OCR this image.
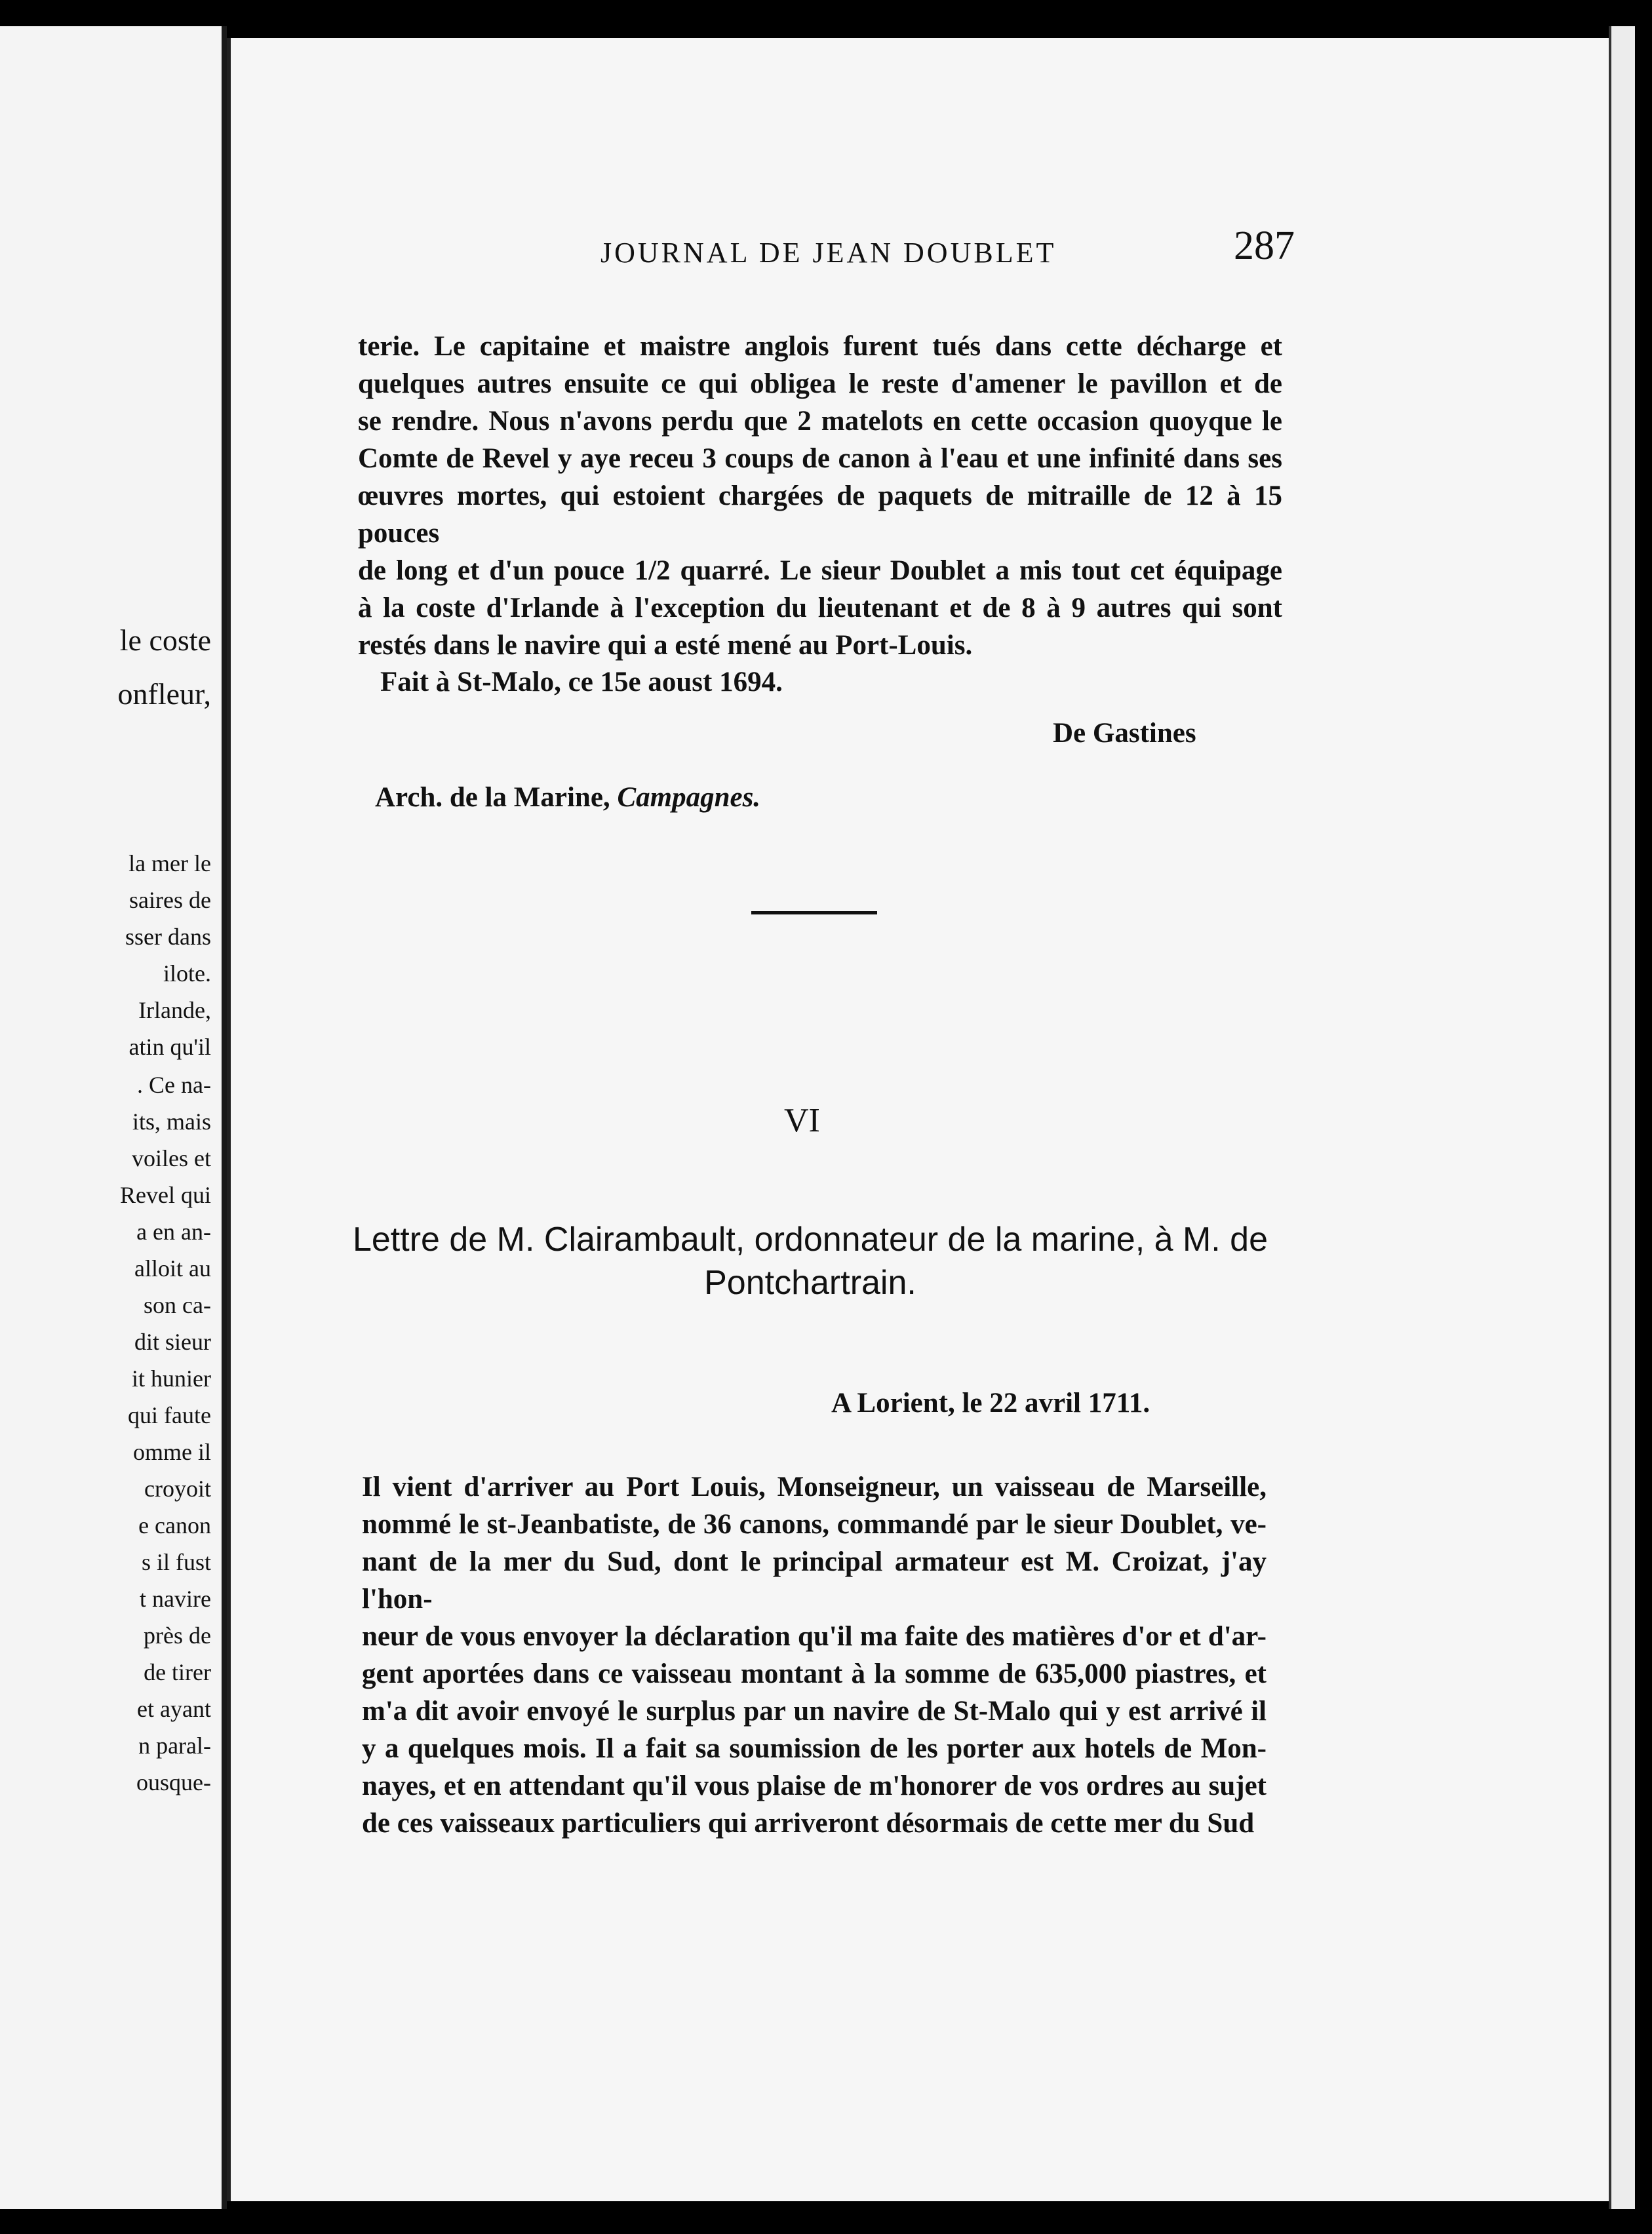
le coste
onfleur,
la mer le
saires de
sser dans
ilote.
Irlande,
atin qu'il
. Ce na-
its, mais
voiles et
Revel qui
a en an-
alloit au
son ca-
dit sieur
it hunier
qui faute
omme il
croyoit
e canon
s il fust
t navire
près de
de tirer
et ayant
n paral-
ousque-
JOURNAL DE JEAN DOUBLET	287

terie. Le capitaine et maistre anglois furent tués dans cette décharge et
quelques autres ensuite ce qui obligea le reste d'amener le pavillon et de
se rendre. Nous n'avons perdu que 2 matelots en cette occasion quoyque le
Comte de Revel y aye receu 3 coups de canon à l'eau et une infinité dans ses
œuvres mortes, qui estoient chargées de paquets de mitraille de 12 à 15 pouces
de long et d'un pouce 1/2 quarré. Le sieur Doublet a mis tout cet équipage
à la coste d'Irlande à l'exception du lieutenant et de 8 à 9 autres qui sont
restés dans le navire qui a esté mené au Port-Louis.

Fait à St-Malo, ce 15e aoust 1694.
De Gastines
Arch. de la Marine, Campagnes.
VI
Lettre de M. Clairambault, ordonnateur de la marine, à M. de Pontchartrain.
A Lorient, le 22 avril 1711.

Il vient d'arriver au Port Louis, Monseigneur, un vaisseau de Marseille,
nommé le st-Jeanbatiste, de 36 canons, commandé par le sieur Doublet, ve-
nant de la mer du Sud, dont le principal armateur est M. Croizat, j'ay l'hon-
neur de vous envoyer la déclaration qu'il ma faite des matières d'or et d'ar-
gent aportées dans ce vaisseau montant à la somme de 635,000 piastres, et
m'a dit avoir envoyé le surplus par un navire de St-Malo qui y est arrivé il
y a quelques mois. Il a fait sa soumission de les porter aux hotels de Mon-
nayes, et en attendant qu'il vous plaise de m'honorer de vos ordres au sujet
de ces vaisseaux particuliers qui arriveront désormais de cette mer du Sud
